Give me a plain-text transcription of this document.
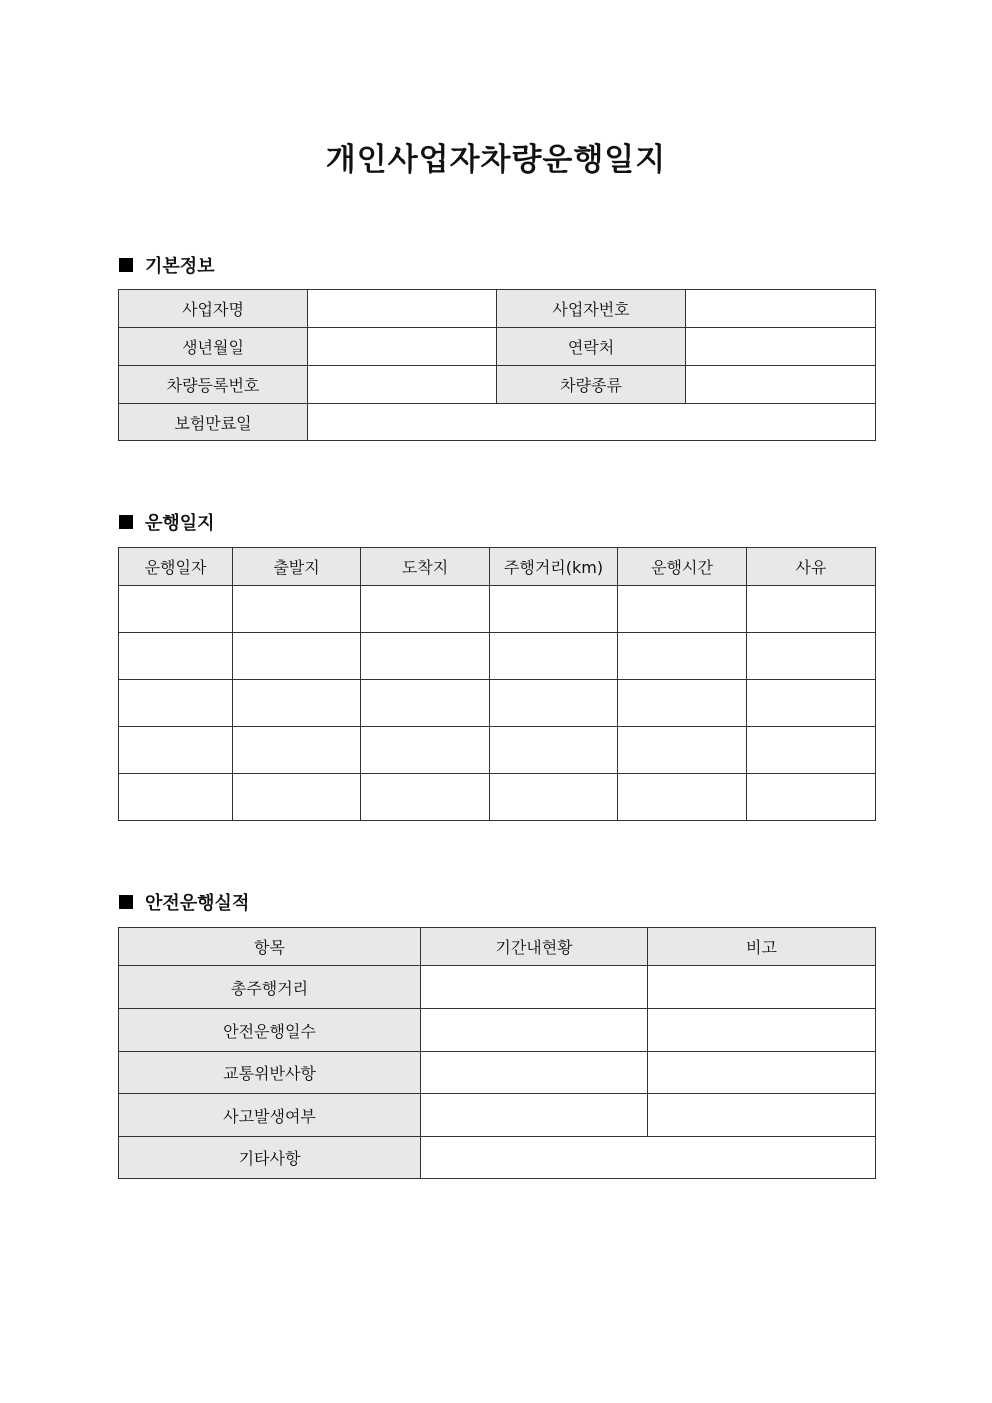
개인사업자차량운행일지
기본정보
사업자명		사업자번호	
생년월일		연락처	
차량등록번호		차량종류	
보험만료일			
운행일지
운행일자	출발지	도착지	주행거리(km)	운행시간	사유

안전운행실적
항목	기간내현황	비고
총주행거리		
안전운행일수		
교통위반사항		
사고발생여부		
기타사항		
